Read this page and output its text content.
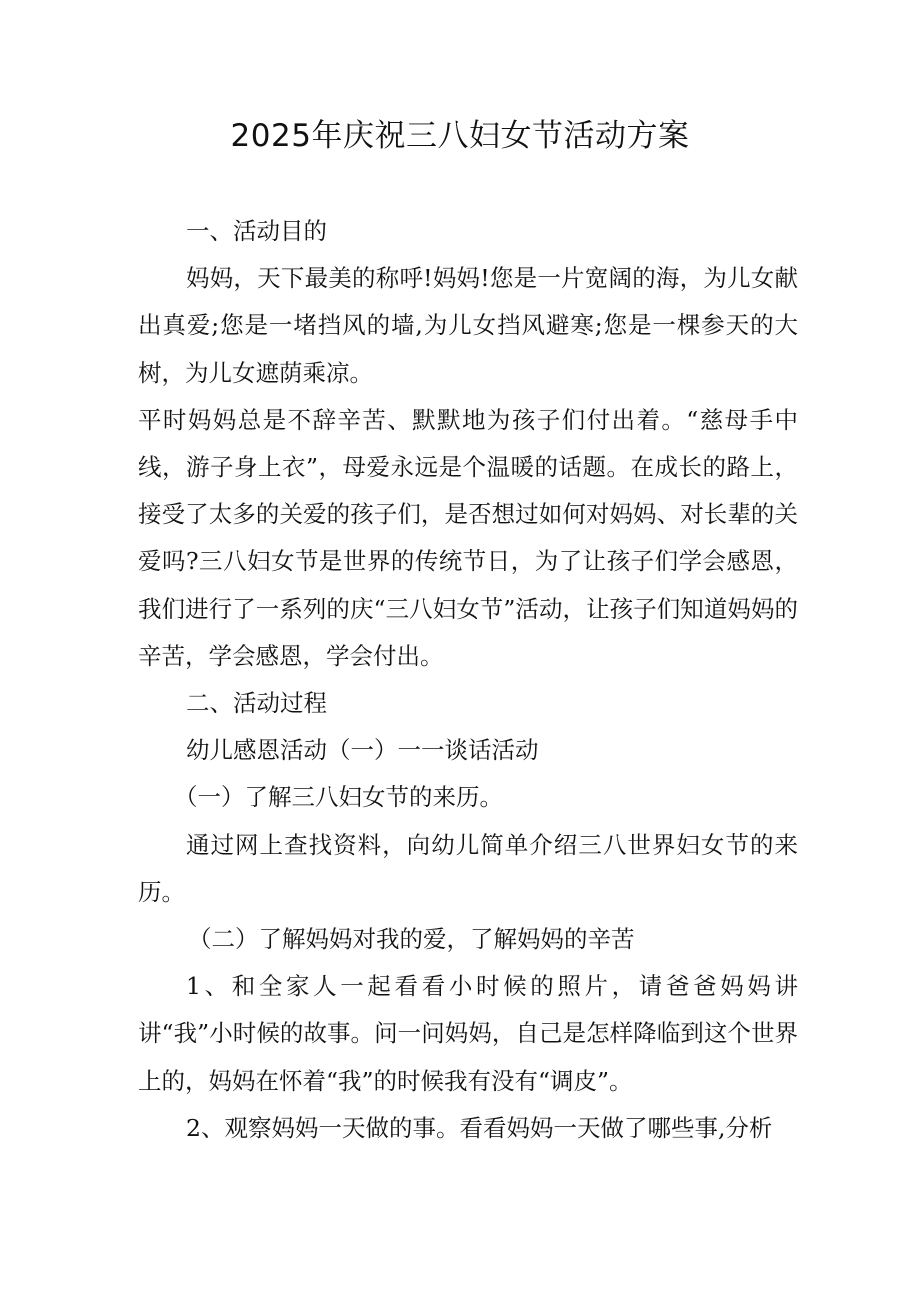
2025年庆祝三八妇女节活动方案

一、活动目的

妈妈，天下最美的称呼!妈妈!您是一片宽阔的海，为儿女献出真爱;您是一堵挡风的墙,为儿女挡风避寒;您是一棵参天的大树，为儿女遮荫乘凉。

平时妈妈总是不辞辛苦、默默地为孩子们付出着。“慈母手中线，游子身上衣”，母爱永远是个温暖的话题。在成长的路上，接受了太多的关爱的孩子们，是否想过如何对妈妈、对长辈的关爱吗?三八妇女节是世界的传统节日，为了让孩子们学会感恩，我们进行了一系列的庆“三八妇女节”活动，让孩子们知道妈妈的辛苦，学会感恩，学会付出。

二、活动过程

幼儿感恩活动（一）一一谈话活动

（一）了解三八妇女节的来历。

通过网上查找资料，向幼儿简单介绍三八世界妇女节的来历。

（二）了解妈妈对我的爱，了解妈妈的辛苦

1、和全家人一起看看小时候的照片，请爸爸妈妈讲讲“我”小时候的故事。问一问妈妈，自己是怎样降临到这个世界上的，妈妈在怀着“我”的时候我有没有“调皮”。

2、观察妈妈一天做的事。看看妈妈一天做了哪些事,分析
